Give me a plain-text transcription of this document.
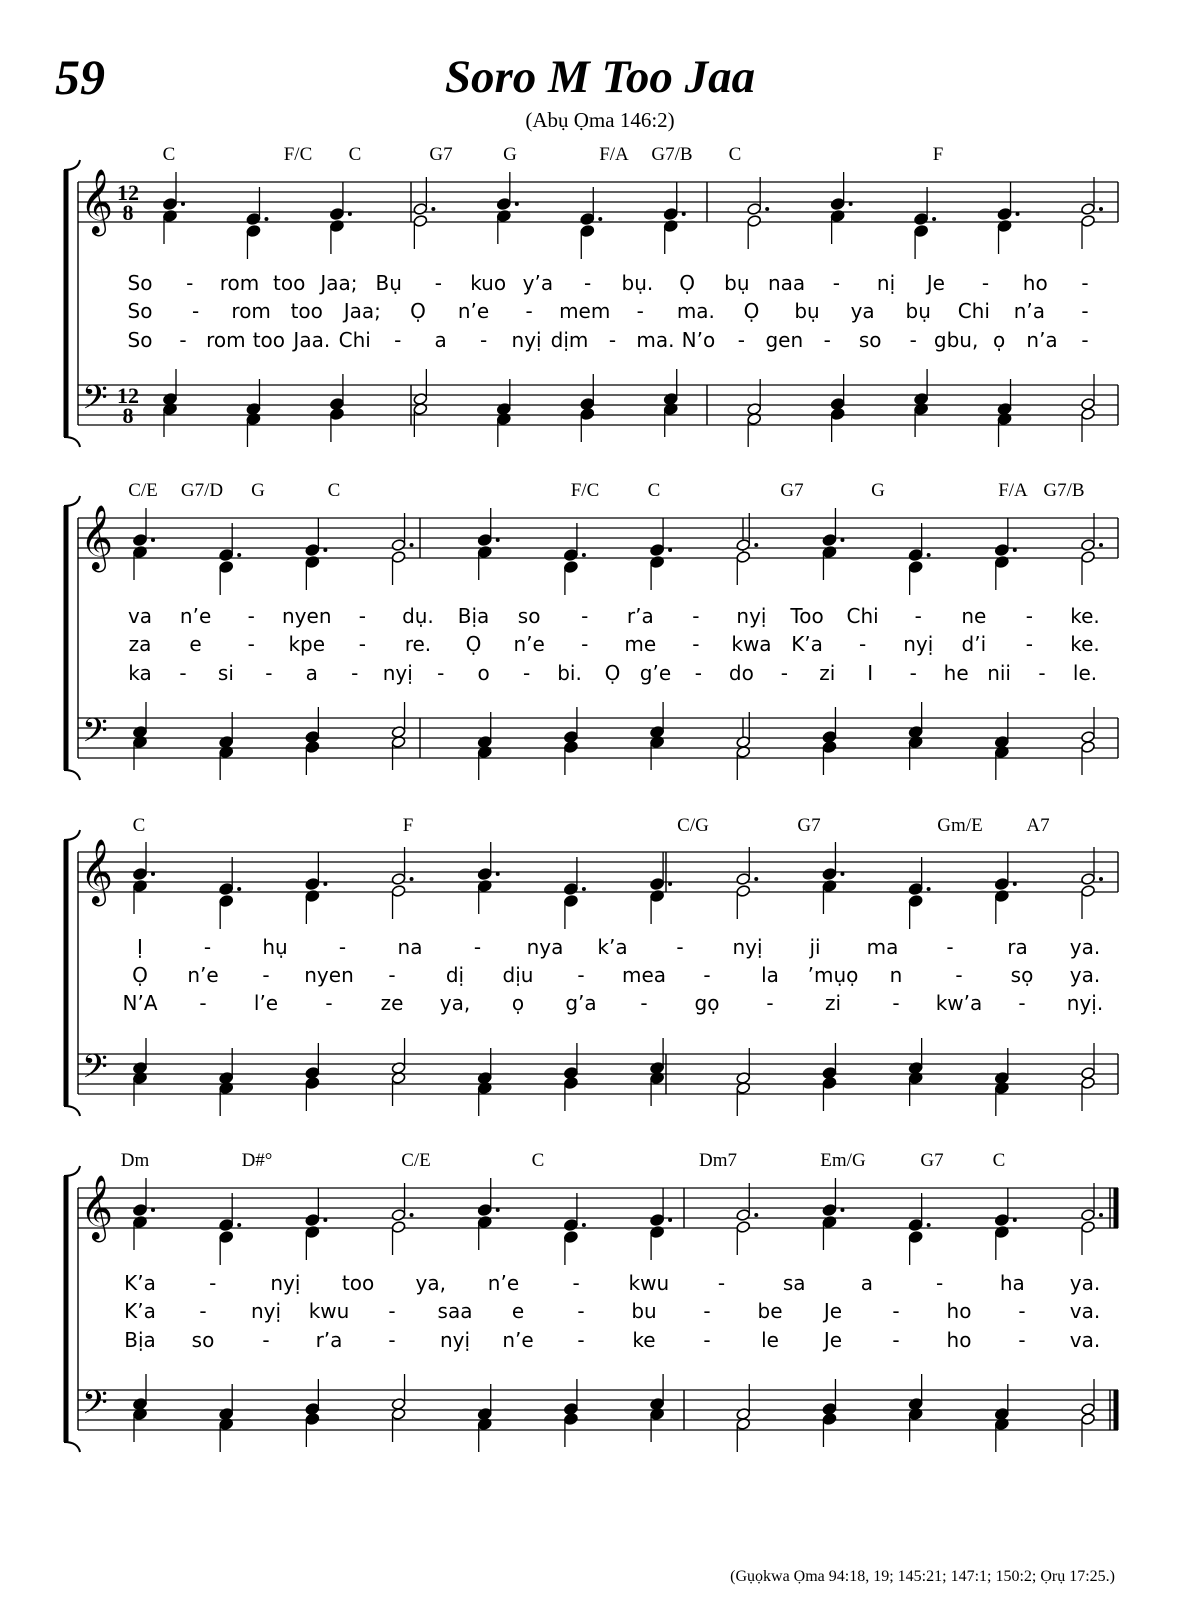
59	Soro M Too Jaa
(Abụ Ọma 146:2)
C	F/C C	G7	G	F/A G7/B C	F
𝄞
𝄢
12
8
12
8
So - rom too Jaa; Bụ - kuo y’a - bụ. Ọ bụ naa - nị Je - ho -
So - rom too Jaa; Ọ n’e - mem - ma. Ọ bụ ya bụ Chi n’a -
So - rom too Jaa. Chi - a - nyị dịm - ma. N’o - gen - so - gbu, ọ n’a -
C/E G7/D G	C	F/C	C	G7	G	F/A G7/B
𝄞
𝄢
va n’e - nyen - dụ. Bịa so - r’a - nyị Too Chi - ne - ke.
za e - kpe - re. Ọ n’e - me - kwa K’a - nyị d’i - ke.
ka - si - a - nyị - o - bi. Ọ g’e - do - zi I - he nii - le.
C	F	C/G	G7	Gm/E A7
𝄞
𝄢
Ị	-	hụ	-	na	- nya k’a - nyị ji ma -	ra ya.
Ọ n’e - nyen -	dị dịu - mea -	la ’mụọ n	- sọ ya.
N’A - l’e - ze ya, ọ g’a - gọ -	zi	- kw’a - nyị.
Dm	D#°	C/E	C	Dm7	Em/G	G7	C
𝄞
𝄢
K’a	-	nyị too ya, n’e	- kwu -	sa	a	-	ha ya.
K’a - nyị kwu - saa e	- bu - be Je	- ho - va.
Bịa so - r’a - nyị n’e - ke -	le Je	- ho - va.
(Gụọkwa Ọma 94:18, 19; 145:21; 147:1; 150:2; Ọrụ 17:25.)
